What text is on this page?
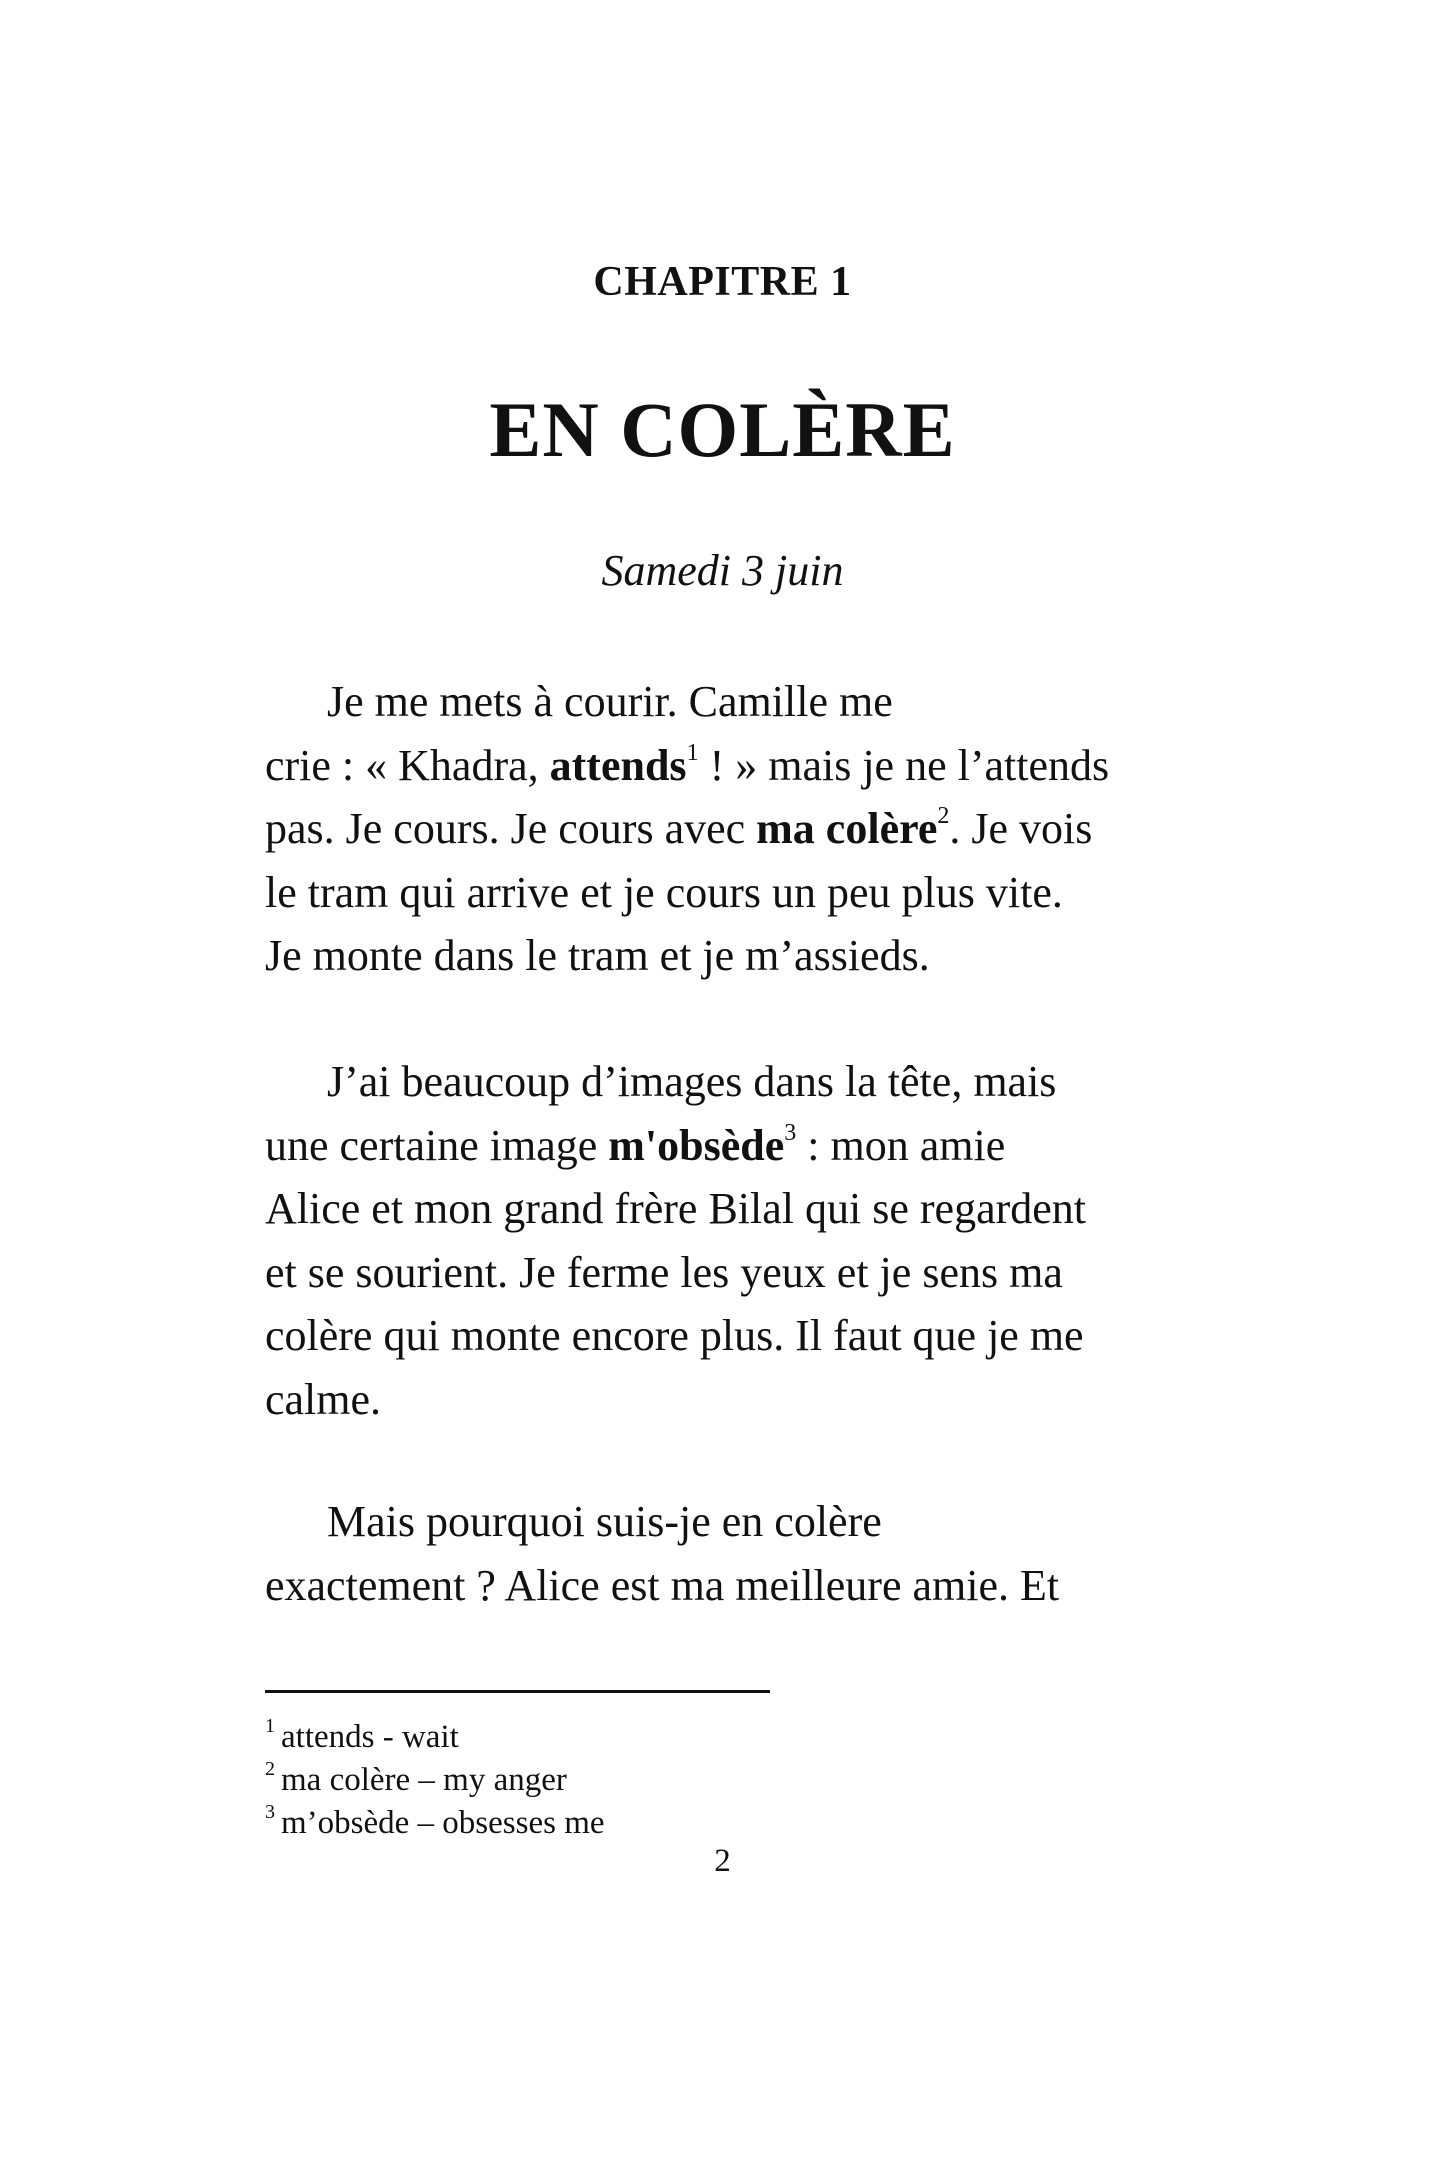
CHAPITRE 1
EN COLÈRE
Samedi 3 juin
Je me mets à courir. Camille me
crie : « Khadra, attends$^1$ ! » mais je ne l’attends
pas. Je cours. Je cours avec ma colère$^2$. Je vois
le tram qui arrive et je cours un peu plus vite.
Je monte dans le tram et je m’assieds.
J’ai beaucoup d’images dans la tête, mais
une certaine image m'obsède$^3$ : mon amie
Alice et mon grand frère Bilal qui se regardent
et se sourient. Je ferme les yeux et je sens ma
colère qui monte encore plus. Il faut que je me
calme.
Mais pourquoi suis-je en colère
exactement ? Alice est ma meilleure amie. Et
$^1$ attends - wait
$^2$ ma colère – my anger
$^3$ m’obsède – obsesses me
2
